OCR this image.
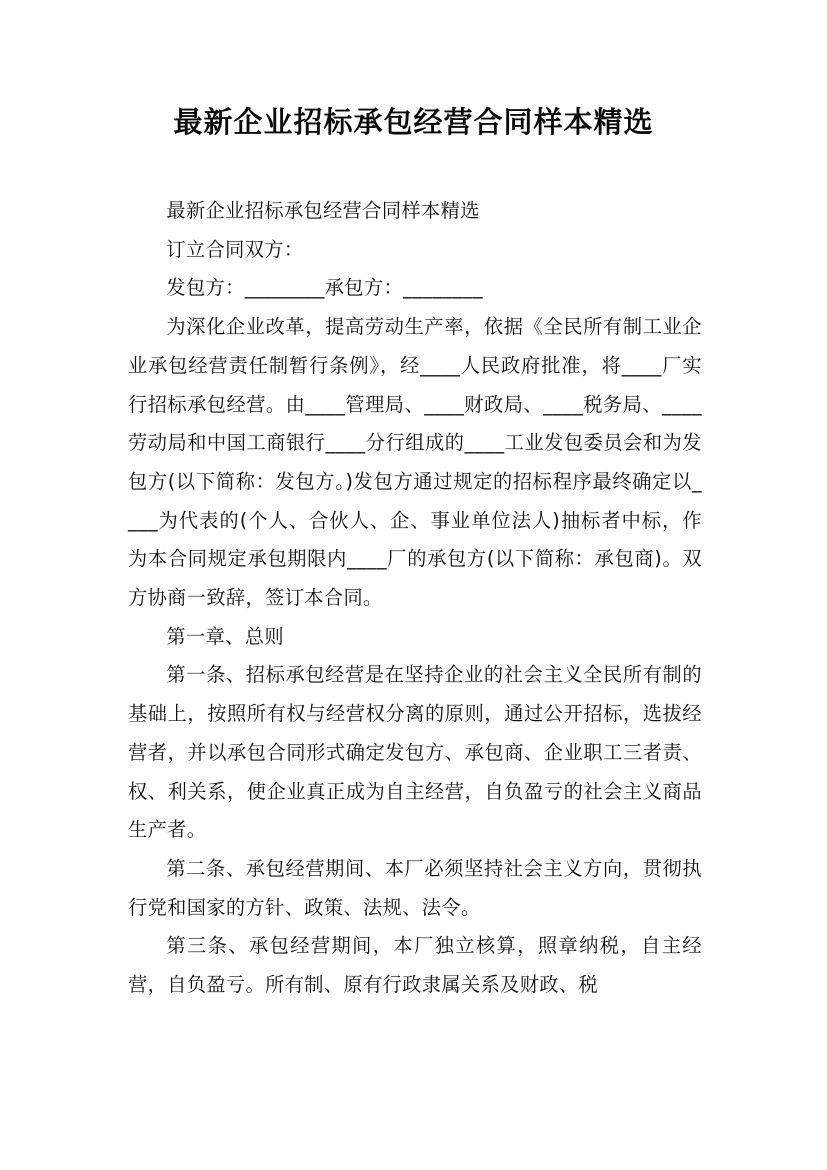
最新企业招标承包经营合同样本精选

最新企业招标承包经营合同样本精选

订立合同双方：

发包方：________承包方：________

为深化企业改革，提高劳动生产率，依据《全民所有制工业企业承包经营责任制暂行条例》，经____人民政府批准，将____厂实行招标承包经营。由____管理局、____财政局、____税务局、____劳动局和中国工商银行____分行组成的____工业发包委员会和为发包方(以下简称：发包方。)发包方通过规定的招标程序最终确定以____为代表的(个人、合伙人、企、事业单位法人)抽标者中标，作为本合同规定承包期限内____厂的承包方(以下简称：承包商)。双方协商一致辞，签订本合同。

第一章、总则

第一条、招标承包经营是在坚持企业的社会主义全民所有制的基础上，按照所有权与经营权分离的原则，通过公开招标，选拔经营者，并以承包合同形式确定发包方、承包商、企业职工三者责、权、利关系，使企业真正成为自主经营，自负盈亏的社会主义商品生产者。

第二条、承包经营期间、本厂必须坚持社会主义方向，贯彻执行党和国家的方针、政策、法规、法令。

第三条、承包经营期间，本厂独立核算，照章纳税，自主经营，自负盈亏。所有制、原有行政隶属关系及财政、税
